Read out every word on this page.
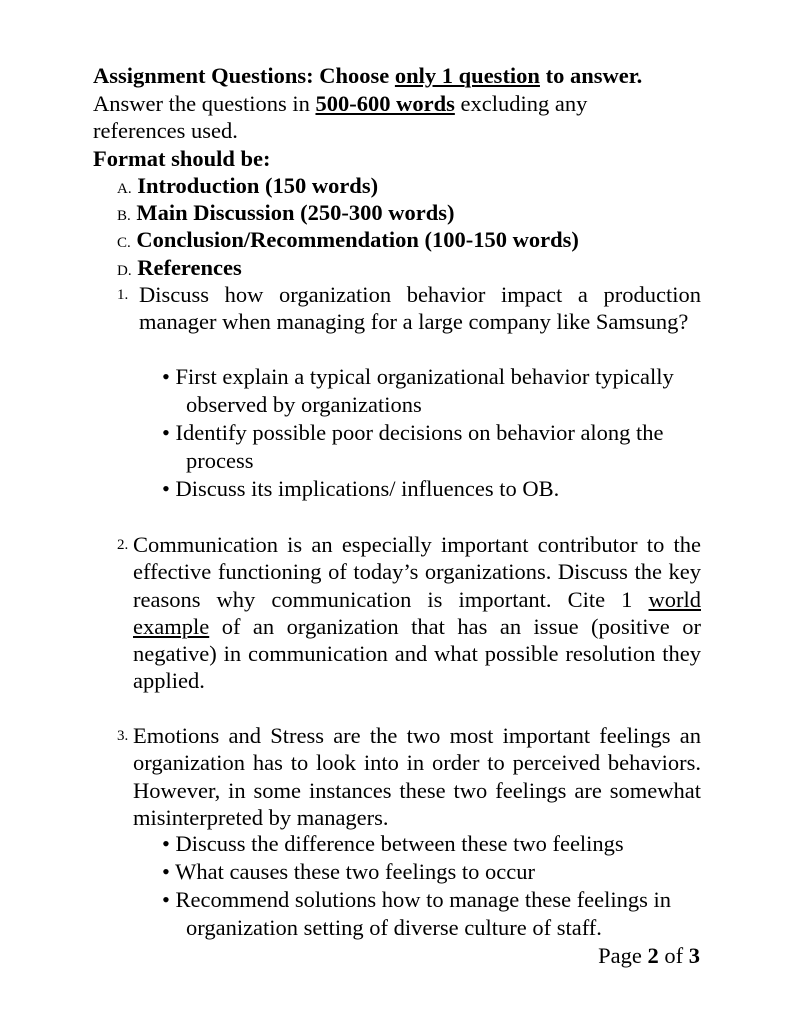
Assignment Questions: Choose only 1 question to answer.
Answer the questions in 500-600 words excluding any
references used.
Format should be:
A. Introduction (150 words)
B. Main Discussion (250-300 words)
C. Conclusion/Recommendation (100-150 words)
D. References
1. Discuss how organization behavior impact a production manager when managing for a large company like Samsung?
• First explain a typical organizational behavior typically
observed by organizations
• Identify possible poor decisions on behavior along the
process
• Discuss its implications/ influences to OB.
2. Communication is an especially important contributor to the effective functioning of today’s organizations. Discuss the key reasons why communication is important. Cite 1 world example of an organization that has an issue (positive or negative) in communication and what possible resolution they applied.
3. Emotions and Stress are the two most important feelings an organization has to look into in order to perceived behaviors. However, in some instances these two feelings are somewhat misinterpreted by managers.
• Discuss the difference between these two feelings
• What causes these two feelings to occur
• Recommend solutions how to manage these feelings in
organization setting of diverse culture of staff.
Page 2 of 3
